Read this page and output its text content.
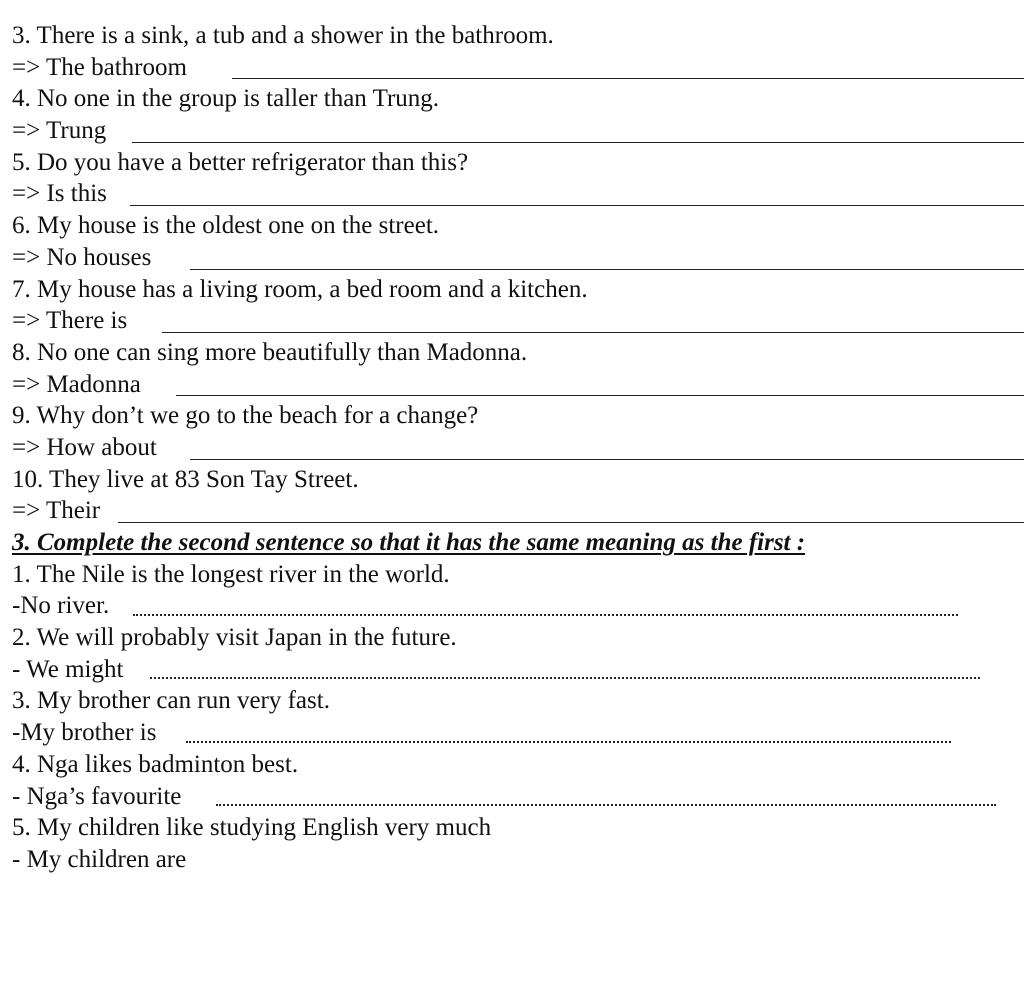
3. There is a sink, a tub and a shower in the bathroom.
=> The bathroom
4. No one in the group is taller than Trung.
=> Trung
5. Do you have a better refrigerator than this?
=> Is this
6. My house is the oldest one on the street.
=> No houses
7. My house has a living room, a bed room and a kitchen.
=> There is
8. No one can sing more beautifully than Madonna.
=> Madonna
9. Why don’t we go to the beach for a change?
=> How about
10. They live at 83 Son Tay Street.
=> Their
3. Complete the second sentence so that it has the same meaning as the first :
1. The Nile is the longest river in the world.
-No river.
2. We will probably visit Japan in the future.
- We might
3. My brother can run very fast.
-My brother is
4. Nga likes badminton best.
- Nga’s favourite
5. My children like studying English very much
- My children are
